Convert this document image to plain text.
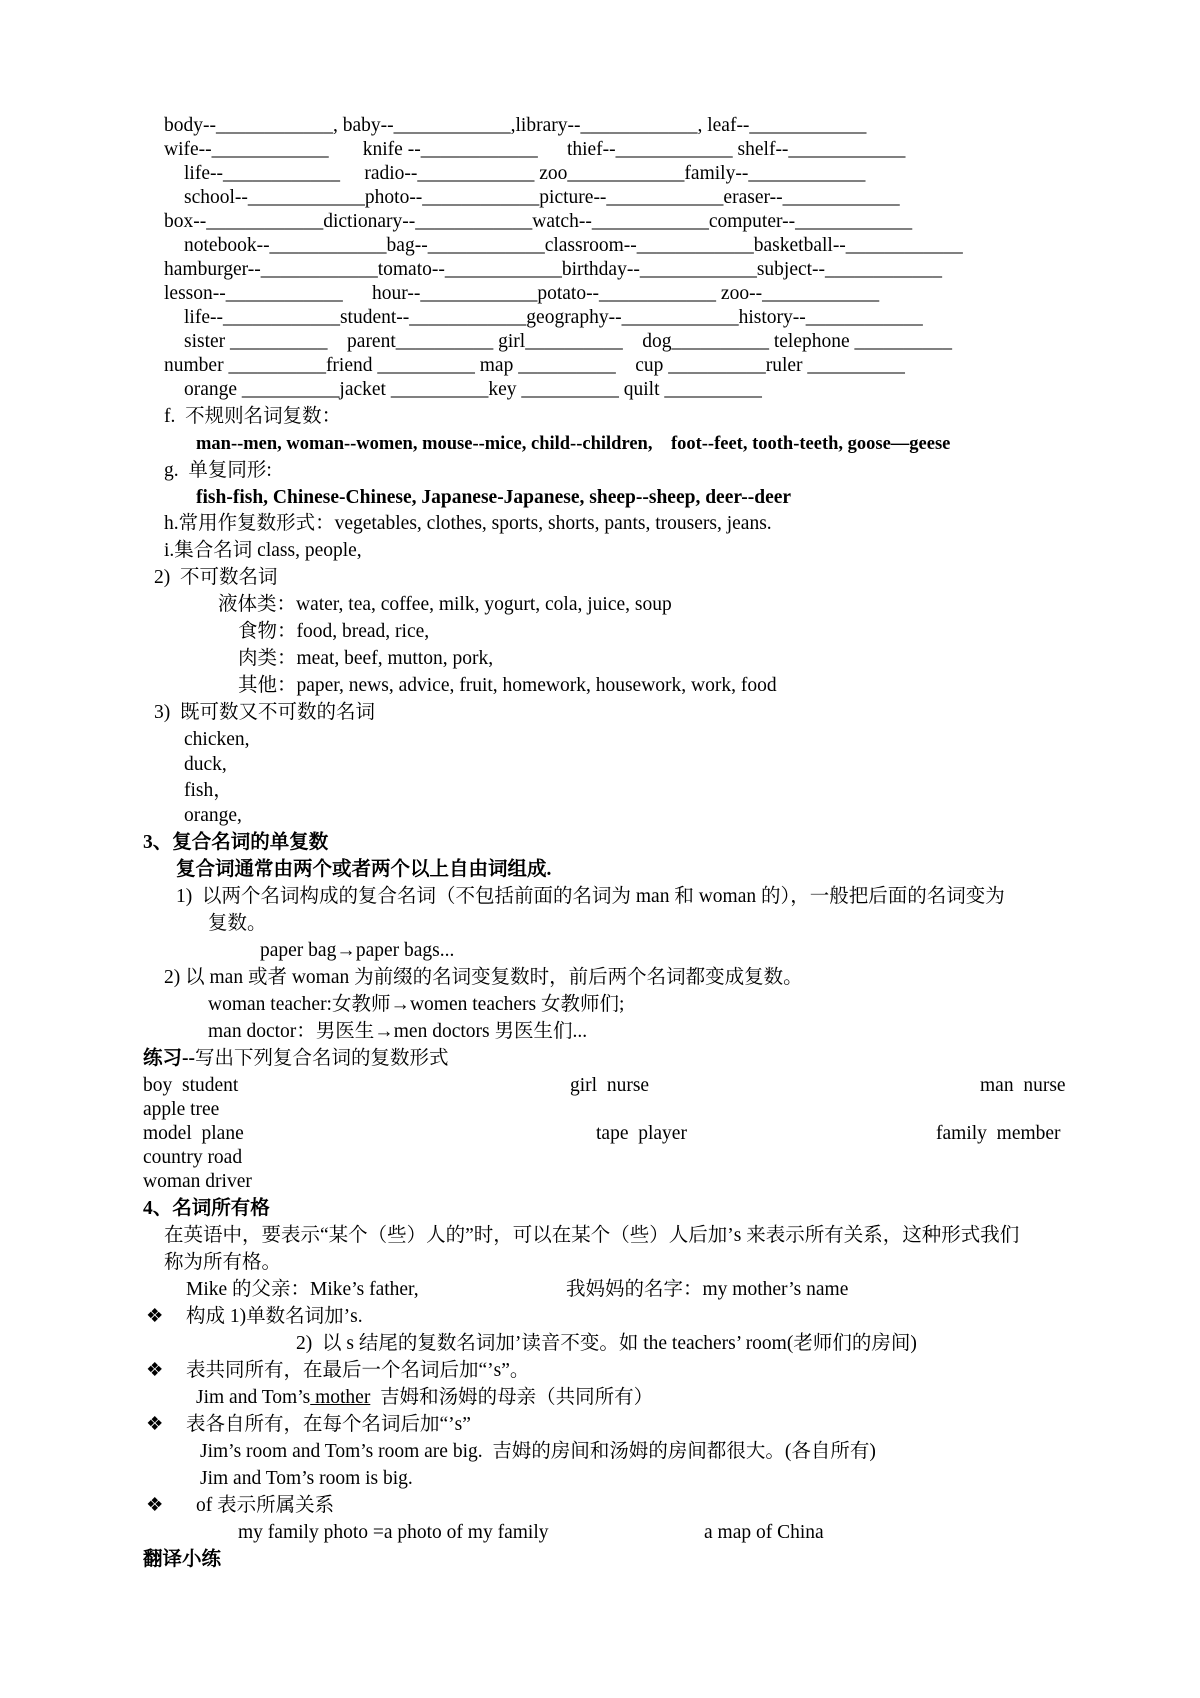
body--____________, baby--____________,library--____________, leaf--____________
wife--____________       knife --____________      thief--____________ shelf--____________
life--____________     radio--____________ zoo____________family--____________
school--____________photo--____________picture--____________eraser--____________
box--____________dictionary--____________watch--____________computer--____________
notebook--____________bag--____________classroom--____________basketball--____________
hamburger--____________tomato--____________birthday--____________subject--____________
lesson--____________      hour--____________potato--____________ zoo--____________
life--____________student--____________geography--____________history--____________
sister __________    parent__________ girl__________    dog__________ telephone __________
number __________friend __________ map __________    cup __________ruler __________
orange __________jacket __________key __________ quilt __________
f.  不规则名词复数：
man--men, woman--women, mouse--mice, child--children,    foot--feet, tooth-teeth, goose—geese
g.  单复同形:
fish-fish, Chinese-Chinese, Japanese-Japanese, sheep--sheep, deer--deer
h.常用作复数形式：vegetables, clothes, sports, shorts, pants, trousers, jeans.
i.集合名词 class, people,
2)  不可数名词
液体类：water, tea, coffee, milk, yogurt, cola, juice, soup
食物：food, bread, rice,
肉类：meat, beef, mutton, pork,
其他：paper, news, advice, fruit, homework, housework, work, food
3)  既可数又不可数的名词
chicken,
duck,
fish，
orange,
3、复合名词的单复数
复合词通常由两个或者两个以上自由词组成.
1)  以两个名词构成的复合名词（不包括前面的名词为 man 和 woman 的），一般把后面的名词变为
复数。
paper bag→paper bags...
2) 以 man 或者 woman 为前缀的名词变复数时，前后两个名词都变成复数。
woman teacher:女教师→women teachers 女教师们;
man doctor：男医生→men doctors 男医生们...
练习--写出下列复合名词的复数形式
boy  student	girl  nurse	man  nurse
apple tree
model  plane	tape  player	family  member
country road
woman driver
4、名词所有格
在英语中，要表示“某个（些）人的”时，可以在某个（些）人后加’s 来表示所有关系，这种形式我们
称为所有格。
Mike 的父亲：Mike’s father,	我妈妈的名字：my mother’s name
❖ 构成 1)单数名词加’s.
2)  以 s 结尾的复数名词加’读音不变。如 the teachers’ room(老师们的房间)
❖ 表共同所有，在最后一个名词后加“’s”。
Jim and Tom’s mother  吉姆和汤姆的母亲（共同所有）
❖ 表各自所有，在每个名词后加“’s”
Jim’s room and Tom’s room are big.  吉姆的房间和汤姆的房间都很大。(各自所有)
Jim and Tom’s room is big.
❖ of 表示所属关系
my family photo =a photo of my family	a map of China
翻译小练
